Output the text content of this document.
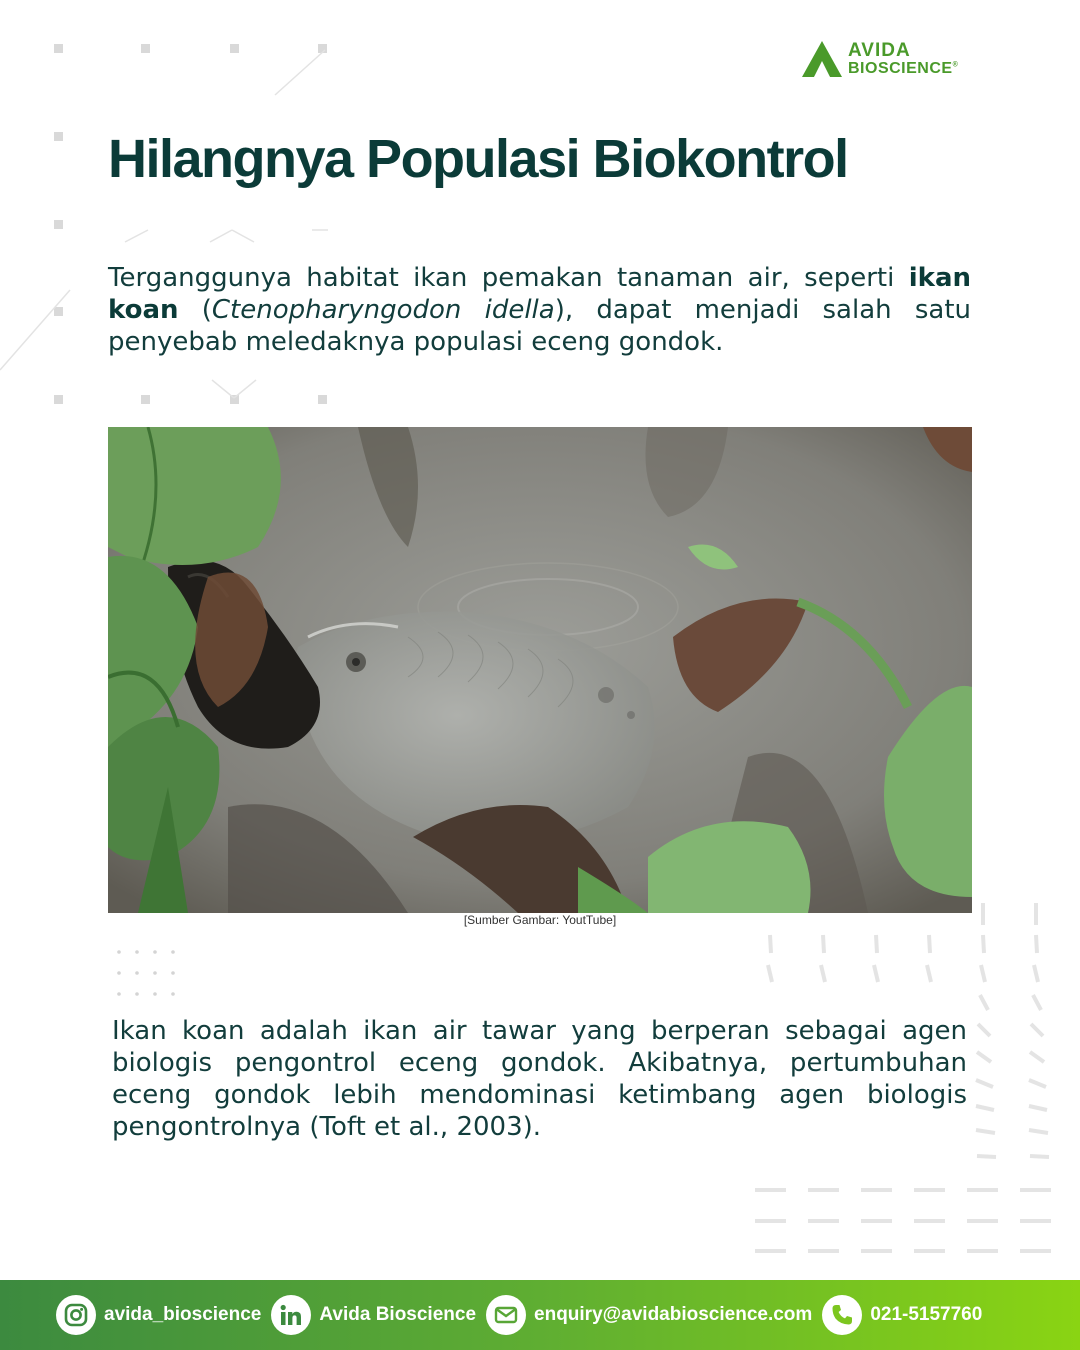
AVIDA
BIOSCIENCE®
Hilangnya Populasi Biokontrol

Terganggunya habitat ikan pemakan tanaman air, seperti ikan koan (Ctenopharyngodon idella), dapat menjadi salah satu penyebab meledaknya populasi eceng gondok.

[Sumber Gambar: YoutTube]

Ikan koan adalah ikan air tawar yang berperan sebagai agen biologis pengontrol eceng gondok. Akibatnya, pertumbuhan eceng gondok lebih mendominasi ketimbang agen biologis pengontrolnya (Toft et al., 2003).

avida_bioscience	Avida Bioscience	enquiry@avidabioscience.com	021-5157760
